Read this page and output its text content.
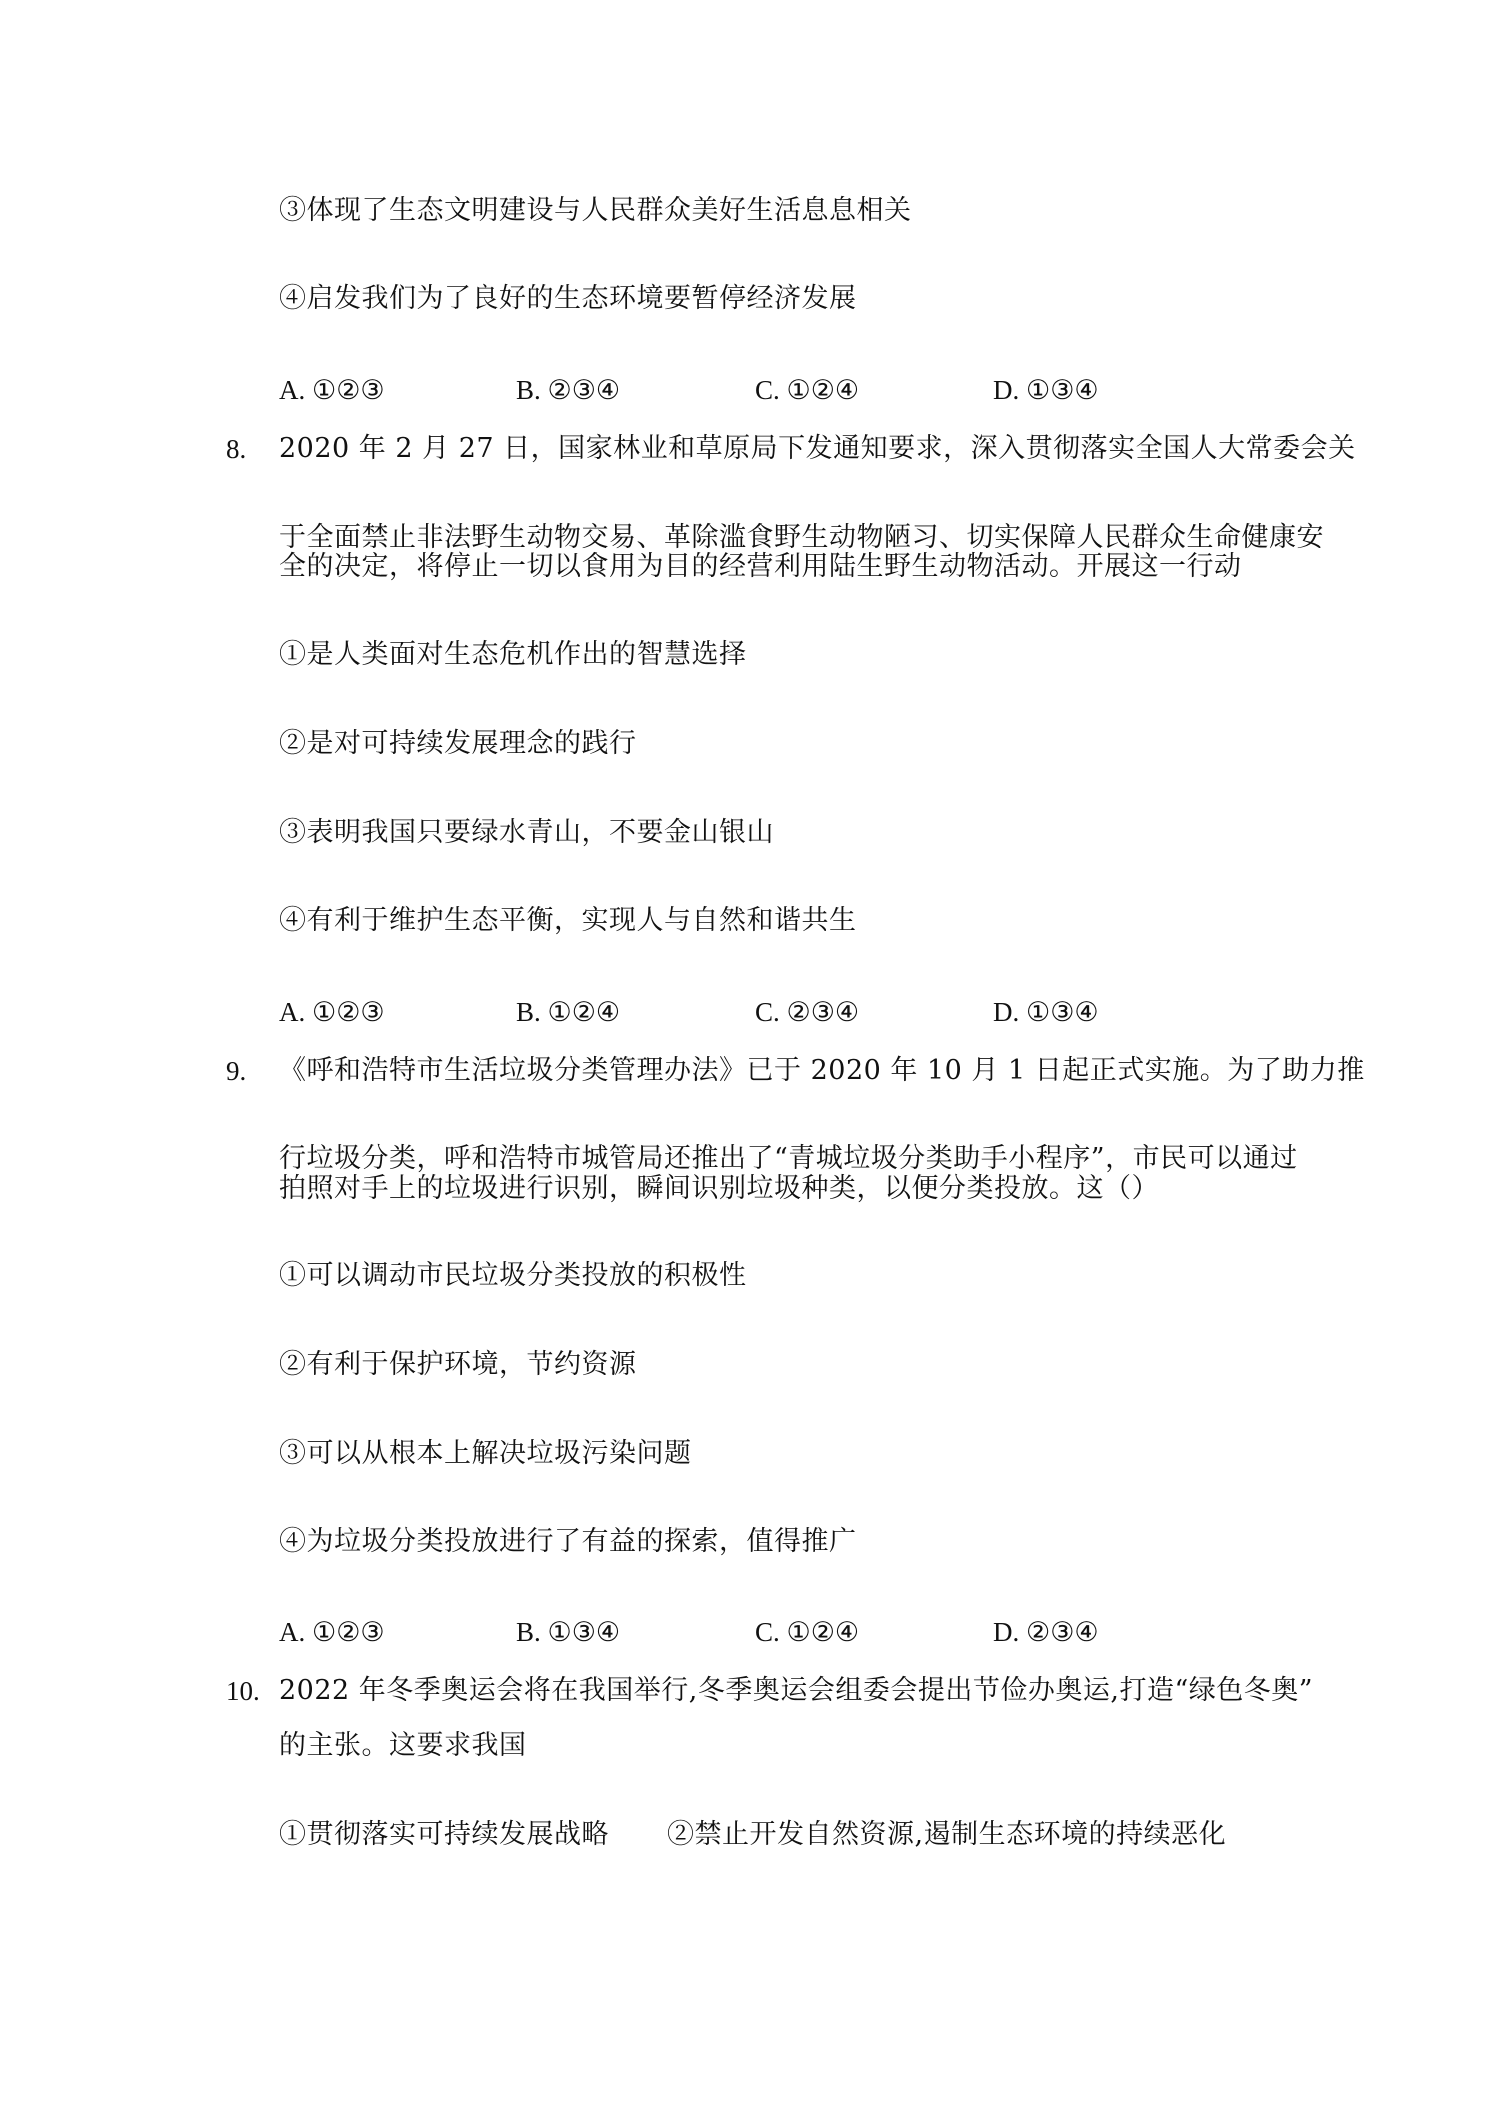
③体现了生态文明建设与人民群众美好生活息息相关
④启发我们为了良好的生态环境要暂停经济发展
A. ①②③	B. ②③④	C. ①②④	D. ①③④
8. 2020 年 2 月 27 日，国家林业和草原局下发通知要求，深入贯彻落实全国人大常委会关
于全面禁止非法野生动物交易、革除滥食野生动物陋习、切实保障人民群众生命健康安
全的决定，将停止一切以食用为目的经营利用陆生野生动物活动。开展这一行动
①是人类面对生态危机作出的智慧选择
②是对可持续发展理念的践行
③表明我国只要绿水青山，不要金山银山
④有利于维护生态平衡，实现人与自然和谐共生
A. ①②③	B. ①②④	C. ②③④	D. ①③④
9. 《呼和浩特市生活垃圾分类管理办法》已于 2020 年 10 月 1 日起正式实施。为了助力推
行垃圾分类，呼和浩特市城管局还推出了“青城垃圾分类助手小程序”，市民可以通过
拍照对手上的垃圾进行识别，瞬间识别垃圾种类，以便分类投放。这（）
①可以调动市民垃圾分类投放的积极性
②有利于保护环境，节约资源
③可以从根本上解决垃圾污染问题
④为垃圾分类投放进行了有益的探索，值得推广
A. ①②③	B. ①③④	C. ①②④	D. ②③④
10. 2022 年冬季奥运会将在我国举行,冬季奥运会组委会提出节俭办奥运,打造“绿色冬奥”
的主张。这要求我国
①贯彻落实可持续发展战略 ②禁止开发自然资源,遏制生态环境的持续恶化
